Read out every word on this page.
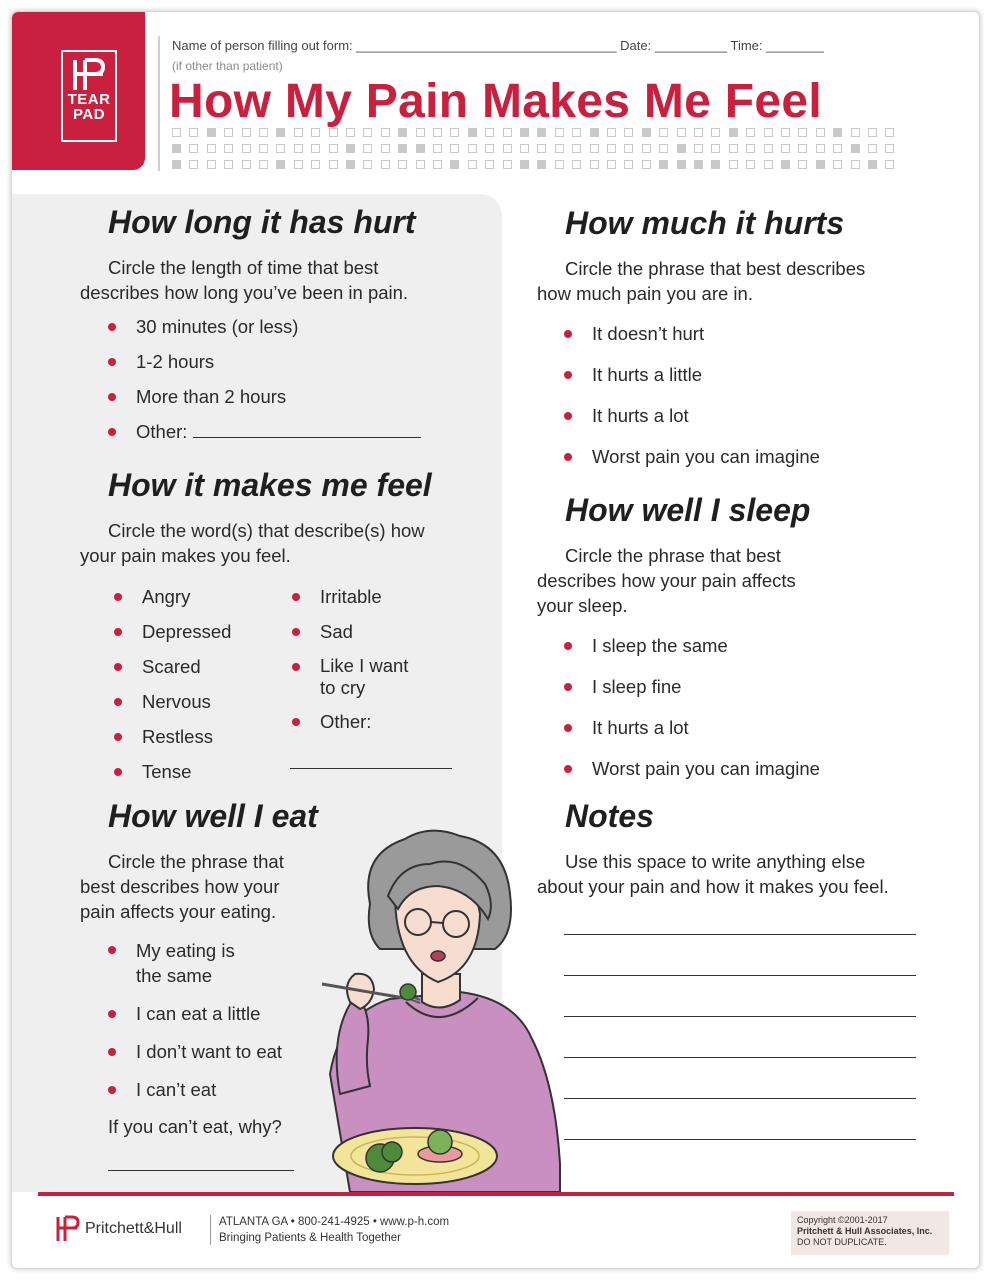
TEAR
PAD
Name of person filling out form: ____________________________________ Date: __________ Time: ________
(if other than patient)
How My Pain Makes Me Feel
How long it has hurt
Circle the length of time that best
describes how long you’ve been in pain.
30 minutes (or less)
1-2 hours
More than 2 hours
Other:
How it makes me feel
Circle the word(s) that describe(s) how
your pain makes you feel.
Angry
Depressed
Scared
Nervous
Restless
Tense
Irritable
Sad
Like I want
to cry
Other:
How well I eat
Circle the phrase that
best describes how your
pain affects your eating.
My eating is
the same
I can eat a little
I don’t want to eat
I can’t eat
If you can’t eat, why?
How much it hurts
Circle the phrase that best describes
how much pain you are in.
It doesn’t hurt
It hurts a little
It hurts a lot
Worst pain you can imagine
How well I sleep
Circle the phrase that best
describes how your pain affects
your sleep.
I sleep the same
I sleep fine
It hurts a lot
Worst pain you can imagine
Notes
Use this space to write anything else
about your pain and how it makes you feel.
Pritchett&Hull	ATLANTA GA • 800-241-4925 • www.p-h.com
Bringing Patients & Health Together
Copyright ©2001-2017
Pritchett & Hull Associates, Inc.
DO NOT DUPLICATE.
